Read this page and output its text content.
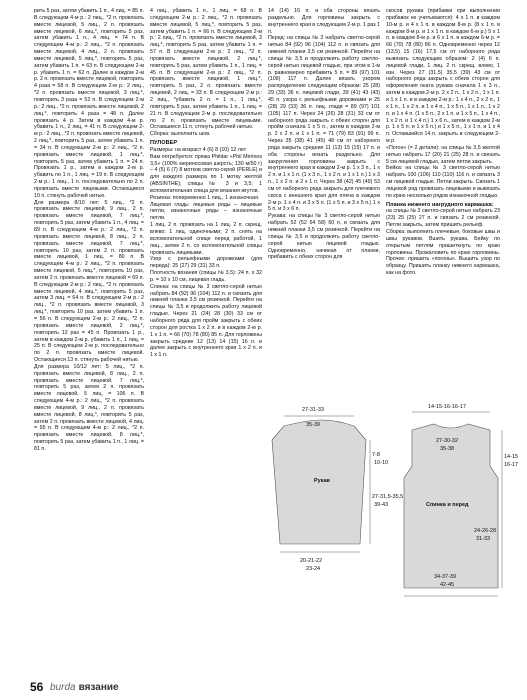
рить 5 раз, затем убавить 1 п., 4 лиц. = 85 п. В следующем 4-м р.: 2 лиц., *2 п. провязать вместе лицевой, 5 лиц., 2 п. провязать вместе лицевой, 6 лиц.*, повторить 5 раз, затем убавить 1 п., 4 лиц. = 74 п. В следующем 4-м р.: 2 лиц., *2 п. провязать вместе лицевой, 4 лиц., 2 п. провязать вместе лицевой, 5 лиц.*, повторить 5 раз, затем убавить 1 п. = 63 п. В следующем 2-м р. убавить 1 п. = 62 п. Далее в каждом 2-м р. 2 п. провязать вместе лицевой, повторить 4 раза = 58 п. В следующем 2-м р.: 2 лиц., *2 п. провязать вместе лицевой, 3 лиц.*, повторить 3 раза = 52 п. В следующем 2-м р.: 2 лиц., *2 п. провязать вместе лицевой, 2 лиц.*, повторить 4 раза = 48 п. Далее провязать 4 р. Затем в каждом 4-м р. убавить 1 п., 2 лиц. = 41 п. В следующем 2-м р.: 2 лиц., *2 п. провязать вместе лицевой, 2 лиц.*, повторить 5 раз, затем убавить 1 п. = 34 п. В следующем 2-м р.: 2 лиц., *2 п. провязать вместе лицевой, 1 лиц.*, повторить 5 раз, затем убавить 1 п. = 24 п. Провязать 1 р., затем в каждом 2-м р. убавить по 1 п., 1 лиц. = 19 п. В следующем 2-м р.: 1 лиц., 1 п. последовательно по 2 п. провязать вместе лицевыми. Остающиеся 10 п. стянуть рабочей нитью.

Для размера 8/10 лет: 5 лиц., *2 п. провязать вместе лицевой, 9 лиц., 2 п. провязать вместе лицевой, 7 лиц.*, повторить 5 раз, затем убавить 1 п., 4 лиц. = 89 п. В следующем 4-м р.: 2 лиц., *2 п. провязать вместе лицевой, 8 лиц., 2 п. провязать вместе лицевой, 7 лиц.*, повторить 10 раз, затем 2 п. провязать вместе лицевой, 1 лиц. = 80 п. В следующем 4-м р.: 2 лиц., *2 п. провязать вместе лицевой, 5 лиц.*, повторить 10 раз, затем 2 п. провязать вместе лицевой = 69 п. В следующем 2-м р.: 2 лиц., *2 п. провязать вместе лицевой, 4 лиц.*, повторить 5 раз, затем 3 лиц. = 64 п. В следующем 2-м р.: 2 лиц., *2 п. провязать вместе лицевой, 3 лиц.*, повторить 10 раз, затем убавить 1 п. = 56 п. В следующем 2-м р.: 2 лиц., *2 п. провязать вместе лицевой, 2 лиц.*, повторить 12 раз = 45 п. Провязать 1 р., затем в каждом 2-м р. убавить 1 п., 1 лиц. = 25 п. В следующем 2-м р. последовательно по 2 п. провязать вместе лицевой. Остающиеся 13 п. стянуть рабочей нитью.

Для размера 10/12 лет: 5 лиц., *2 п. провязать вместе лицевой, 8 лиц., 2 п. провязать вместе лицевой, 7 лиц.*, повторить 5 раз, затем 2 п. провязать вместе лицевой, 5 лиц. = 106 п. В следующем 4-м р.: 2 лиц., *2 п. провязать вместе лицевой, 9 лиц., 2 п. провязать вместе лицевой, 8 лиц.*, повторить 5 раз, затем 2 п. провязать вместе лицевой, 4 лиц. = 95 п. В следующем 4-м р.: 2 лиц., *2 п. провязать вместе лицевой, 8 лиц.*, повторить 5 раз, затем убавить 1 п., 1 лиц. = 81 п.

4 лиц., убавить 1 п., 1 лиц. = 68 п. В следующем 2-м р.: 2 лиц., *2 п. провязать вместе лицевой, 5 лиц.*, повторить 5 раз, затем убавить 1 п. = 66 п. В следующем 2-м р.: 2 лиц., *2 п. провязать вместе лицевой, 3 лиц.*, повторить 5 раз, затем убавить 1 п. = 57 п. В следующем 2-м р.: 2 лиц., *2 п. провязать вместе лицевой, 2 лиц.*, повторить 5 раз, затем убавить 1 п., 1 лиц. = 45 п. В следующем 2-м р.: 2 лиц., *2 п. провязать вместе лицевой, 1 лиц.*, повторить 5 раз, 2 п. провязать вместе лицевой, 2 лиц. = 33 п. В следующем 2-м р.: 2 лиц., *убавить 2 п. = 1 п., 1 лиц.*, повторить 5 раз, затем убавить 1 п., 1 лиц. = 21 п. В следующем 2-м р. последовательно по 2 п. провязать вместе лицевыми. Оставшиеся 11 п. стянуть рабочей нитью.

Сборка: выполнить шов.

ПУЛОВЕР

Размеры: на возраст 4 (6) 8 (10) 12 лет

Вам потребуется: пряжа Phildar «Phil Mérinos 3,5» (100% мериносовая шерсть; 130 м/50 г) – 4 (5) 6 (7) 8 мотков светло-серой (PERLE) и для каждого размера по 1 мотку желтой (ABSINTHE); спицы № 3 и 3,5; 1 вспомогательная спица для вязания жгутов.

Резинка: попеременно 1 лиц., 1 изнаночная.

Лицевая гладь: лицевые ряды – лицевые петли, изнаночные ряды – изнаночные петли.

1 лиц. 2 п. провязать на 1 лиц. 2 п. скрещ. влево: 1 лиц. одиночными; 2 п. снять на вспомогательной спице перед работой, 1 лиц., затем 2 п. со вспомогательной спицы провязать лицевыми.

Узор с рельефными дорожками (для переда): 25 (27) 29 (31) 33 п.

Плотность вязания (спицы № 3,5): 24 п. x 32 р. = 10 x 10 см, лицевая гладь.

Спинка: на спицы № 3 светло-серой нитью набрать 84 (92) 96 (104) 112 п. и связать для нижней планки 3,5 см резинкой. Перейти на спицы № 3,5 и продолжить работу лицевой гладью. Через 21 (24) 28 (30) 33 см от наборного ряда для пройм закрыть с обеих сторон для ростка 1 х 2 п. и в каждом 2-м р. 1 х 1 п. = 66 (70) 78 (80) 85 п. Для горловины закрыть средние 12 (13) 14 (15) 16 п. и далее закрыть с внутреннего края 1 х 2 п. и 1 х 1 п.

14 (14) 16 п. и оба стороны вязать раздельно. Для горловины закрыть с внутреннего края в следующем 2-м р. 1 раз 1 п.

Перед: на спицы № 3 набрать светло-серой нитью 84 (92) 96 (104) 112 п. и связать для нижней планки 3,5 см резинкой. Перейти на спицы № 3,5 и продолжить работу светло-серой нитью лицевой гладью, при этом в 1-м р. равномерно прибавить 5 п. = 89 (97) 101 (109) 117 п. Далее вязать узором распределение следующим образом: 25 (28) 29 (33) 36 п. лицевой глади, 39 (41) 43 (43) 45 п. узора с рельефными дорожками и 25 (28) 29 (33) 36 п. лиц. глади = 89 (97) 101 (105) 117 п. Через 24 (26) 28 (31) 33 см от наборного ряда закрыть с обеих сторон для пройм сначала 1 х 5 п., затем в каждом 2-м р. 2 х 2 п. и 1 х 1 п. = 71 (79) 83 (91) 99 п. Через 35 (38) 41 (45) 48 см от наборного ряда закрыть средние 11 (13) 15 (15) 17 п. и оба стороны вязать раздельно. Для закругления горловины закрыть с внутреннего края в каждом 2-м р. 1 х 3 п., 1 х 2 п. и 1 х 1 п. (1 х 3 п., 1 х 2 п. и 1 х 1 п.) 1 х 3 п., 1 х 2 п. и 2 х 1 п. Через 38 (42) 45 (49) 53 см от наборного ряда закрыть для плечевого скоса с внешнего края для плеча в каждом 2-м р. 1 х 4 п. и 3 х 5 п. (1 х 5 п. и 3 х 5 п.) 1 х 5 п. и 3 х 6 п.

Рукава: на спицы № 3 светло-серой нитью набрать 52 (52 54 58) 60 п. и связать для нижней планки 3,5 см резинкой. Перейти на спицы № 3,5 и продолжить работу светло-серой нитью лицевой гладью. Одновременно, начиная от планки, прибавить с обеих сторон для

скосов рукава (прибавки при выполнении прибавок не учитываются): 4 х 1 п. в каждом 10-м р. и 4 х 1 п. в каждом 8-м р. (8 х 1 п. в каждом 8-м р. и 1 х 1 п. в каждом 6-м р.) 5 х 1 п. в каждом 8-м р. и 6 х 1 п. в каждом 6-м р. = 66 (70) 78 (80) 86 п. Одновременно через 12 (13,5) 15 (16) 17,5 см от наборного ряда вывязать следующим образом: 2 (4) 6 п. лицевой глади, 1 лиц. 2 п. скрещ. влево, 1 изн. Через 27 (31,5) 35,5 (39) 43 см от наборного ряда закрыть с обеих сторон для оформления оката рукава сначала 1 х 3 п., затем в каждом 2-м р. 2 х 2 п., 1 х 2 п., 1 х 1 п. и 1 х 1 п. и в каждом 2-м р.: 1 х 4 п., 2 х 2 п., 1 х 1 п., 1 х 2 п. и 1 х 4 п., 1 х 5 п., 1 х 1 п., 1 х 2 п. и 1 х 4 п. (1 х 5 п., 2 х 1 п. и 1 х 5 п., 1 х 4 п., 1 х 2 п. и 1 х 4 п.) 1 х 6 п., затем в каждом 2-м р. 1 х 5 п. и 1 х 5 п.) и 1 х 5 п., 1 х 1 п. и 1 х 4 п. Оставшийся 14 п. закрыть в следующем 2-м р.

«Погон» (= 2 детали): на спицы № 3,5 желтой нитью набрать 17 (20) 21 (25) 28 п. и связать 5 см лицевой гладью, затем петли закрыть.

Бейка: на спицы № 3 светло-серой нитью набрать 100 (106) 110 (110) 116 п. и связать 3 см лицевой гладью. Петли закрыть. Связать 1 лицевой ряд провязать лицевыми и вывязать по краю несколько рядов изнаночной гладью.

Планка нижнего нагрудного кармашка:

на спицы № 3 светло-серой нитью набрать 23 (23) 25 (25) 27 п. и связать 2 см резинкой. Петли закрыть, затем пришить рельеф.

Сборка: выполнить плечевые, боковые швы и швы рукавов. Вшить рукава. Бейку по открытым петлям пришиткнуть по краю горловины. Прожаловить по краю горловины. Прочее: пришить «погоны». Вышить узор по образцу. Пришить планку нижнего кармашка, как на фото.

27-31-33
35-39
Рукав
7-8
10-10
27-31,5-35,5
39-43
20-21-22
23-24
14-15-16-16-17
27-30-32
35-38
Спинка и перед
34-37-39
42-45
14-15
16-17
24-26-28
31-33
56 burda вязание
